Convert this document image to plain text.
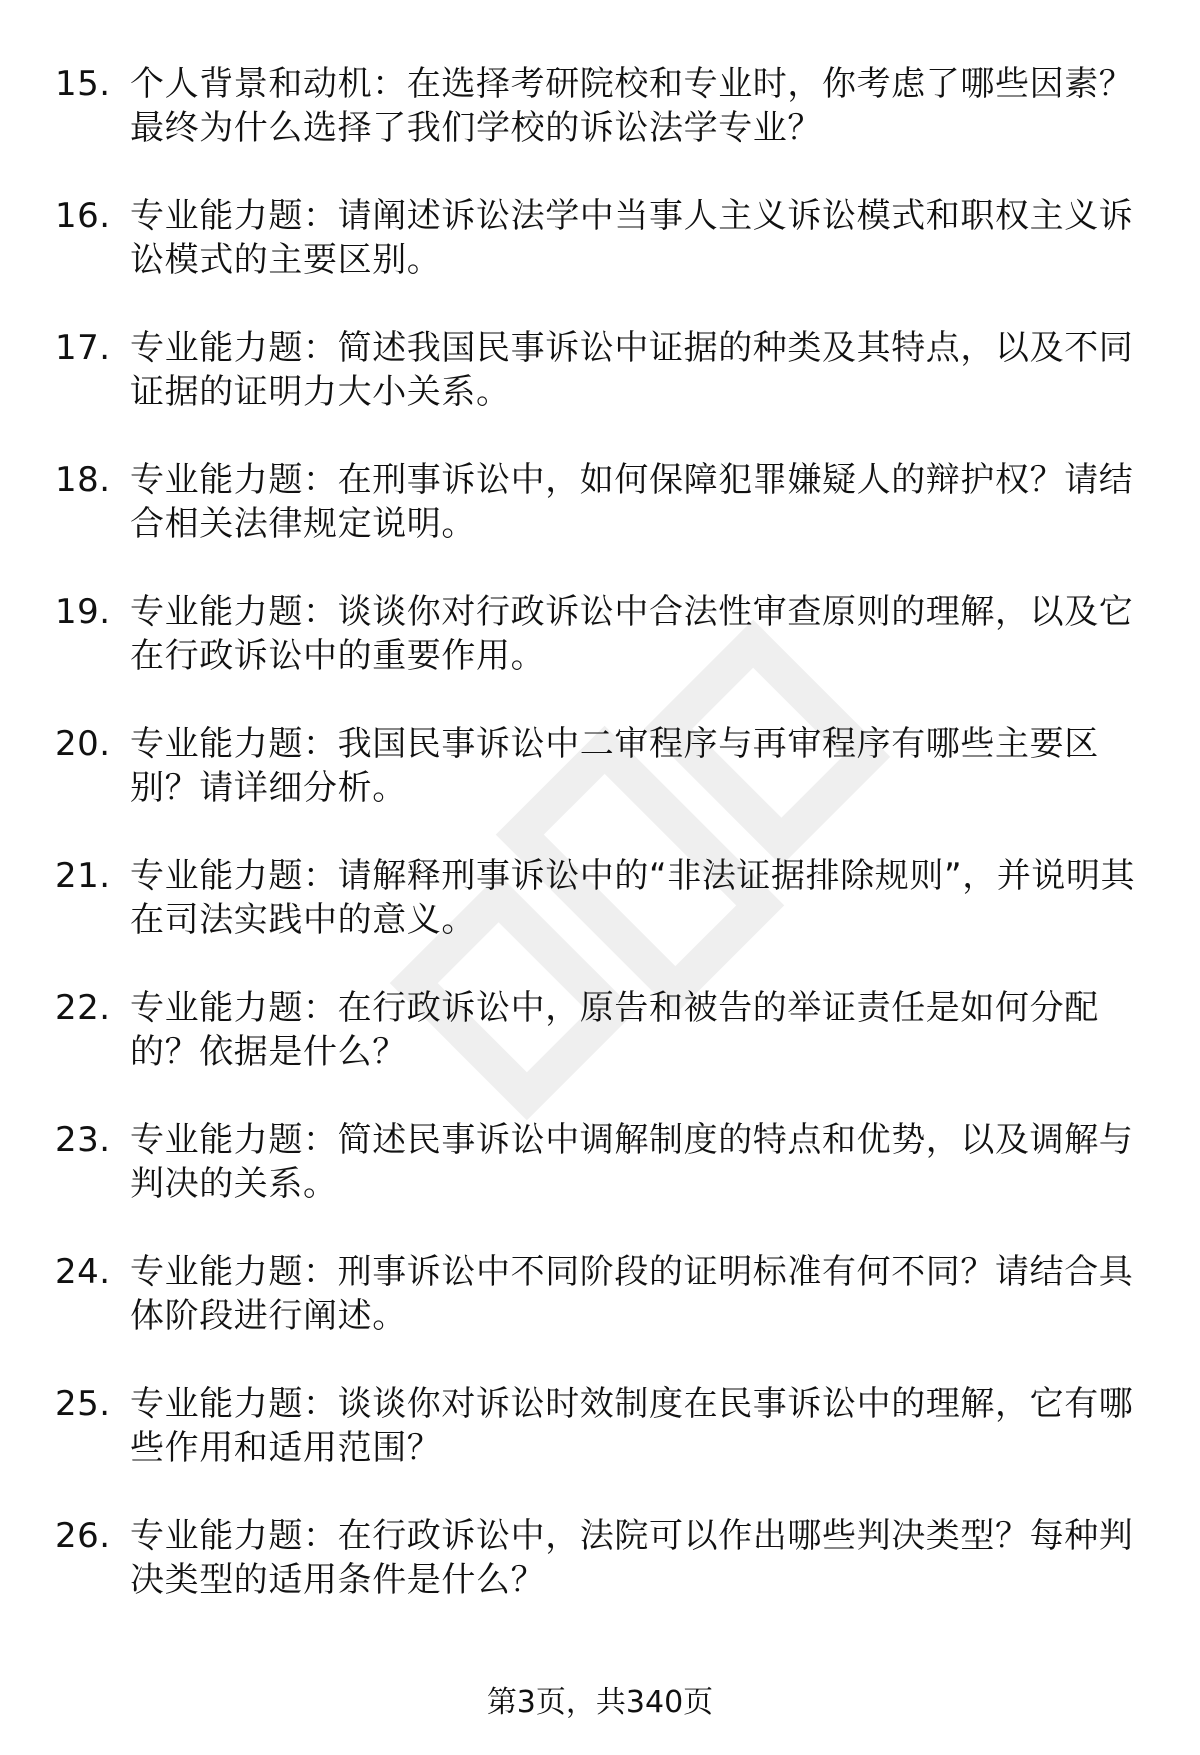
15. 个人背景和动机：在选择考研院校和专业时，你考虑了哪些因素？最终为什么选择了我们学校的诉讼法学专业？
16. 专业能力题：请阐述诉讼法学中当事人主义诉讼模式和职权主义诉讼模式的主要区别。
17. 专业能力题：简述我国民事诉讼中证据的种类及其特点，以及不同证据的证明力大小关系。
18. 专业能力题：在刑事诉讼中，如何保障犯罪嫌疑人的辩护权？请结合相关法律规定说明。
19. 专业能力题：谈谈你对行政诉讼中合法性审查原则的理解，以及它在行政诉讼中的重要作用。
20. 专业能力题：我国民事诉讼中二审程序与再审程序有哪些主要区别？请详细分析。
21. 专业能力题：请解释刑事诉讼中的“非法证据排除规则”，并说明其在司法实践中的意义。
22. 专业能力题：在行政诉讼中，原告和被告的举证责任是如何分配的？依据是什么？
23. 专业能力题：简述民事诉讼中调解制度的特点和优势，以及调解与判决的关系。
24. 专业能力题：刑事诉讼中不同阶段的证明标准有何不同？请结合具体阶段进行阐述。
25. 专业能力题：谈谈你对诉讼时效制度在民事诉讼中的理解，它有哪些作用和适用范围？
26. 专业能力题：在行政诉讼中，法院可以作出哪些判决类型？每种判决类型的适用条件是什么？
第3页，共340页
